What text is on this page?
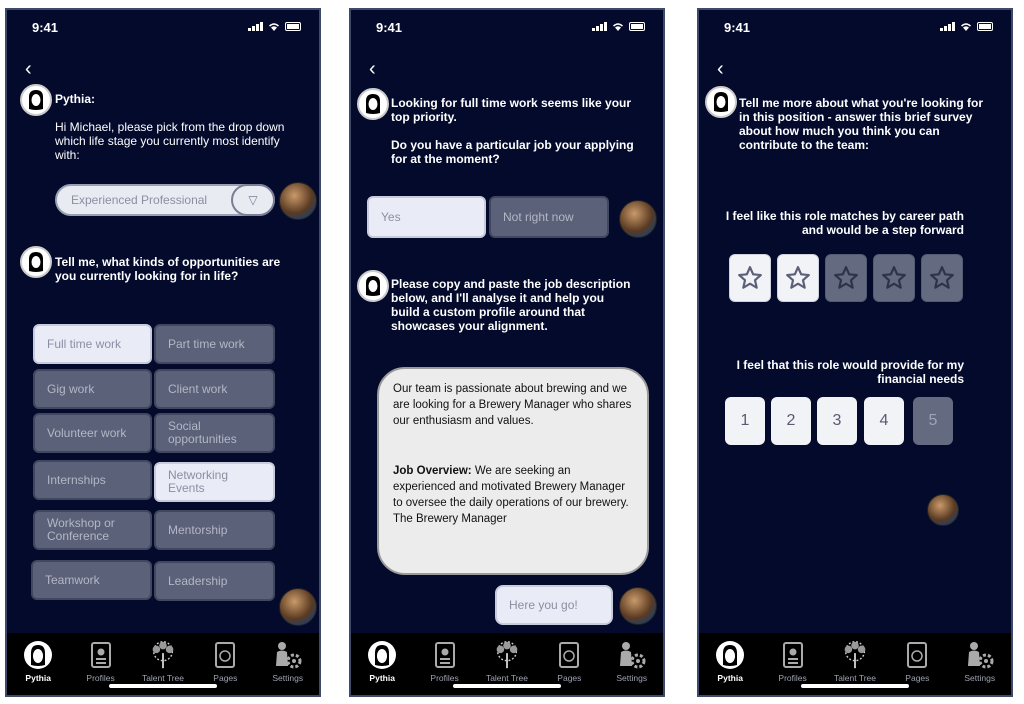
9:41
‹
Pythia:
Hi Michael, please pick from the drop down which life stage you currently most identify with:
Experienced Professional	▽
Tell me, what kinds of opportunities are you currently looking for in life?
Full time work	Part time work
Gig work	Client work
Volunteer work	Social opportunities
Internships	Networking Events
Workshop or Conference	Mentorship
Teamwork	Leadership
Pythia	Profiles	Talent Tree	Pages	Settings
9:41
‹
Looking for full time work seems like your top priority.
Do you have a particular job your applying for at the moment?
Yes	Not right now
Please copy and paste the job description below, and I'll analyse it and help you build a custom profile around that showcases your alignment.
Our team is passionate about brewing and we are looking for a Brewery Manager who shares our enthusiasm and values.
Job Overview: We are seeking an experienced and motivated Brewery Manager to oversee the daily operations of our brewery. The Brewery Manager
Here you go!
Pythia	Profiles	Talent Tree	Pages	Settings
9:41
‹
Tell me more about what you're looking for in this position - answer this brief survey about how much you think you can contribute to the team:
I feel like this role matches by career path and would be a step forward
I feel that this role would provide for my financial needs
1	2	3	4	5
Pythia	Profiles	Talent Tree	Pages	Settings
